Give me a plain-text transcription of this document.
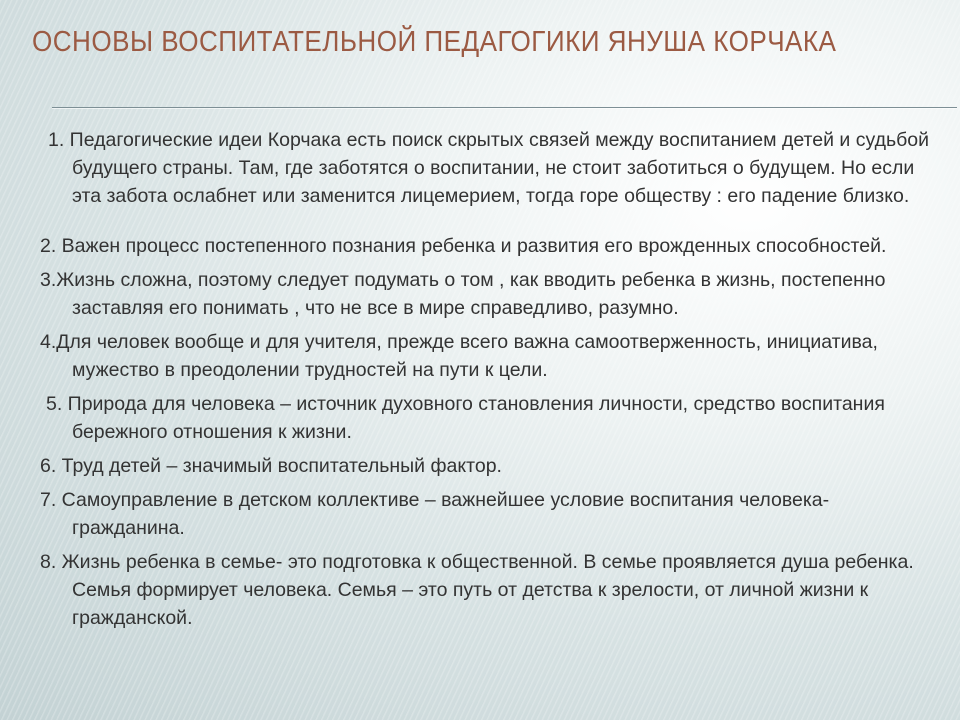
ОСНОВЫ ВОСПИТАТЕЛЬНОЙ ПЕДАГОГИКИ ЯНУША КОРЧАКА

1. Педагогические идеи Корчака есть поиск скрытых связей между воспитанием детей и судьбой будущего страны. Там, где заботятся о воспитании, не стоит заботиться о будущем. Но если эта забота ослабнет или заменится лицемерием, тогда горе обществу : его падение близко.

2. Важен процесс постепенного познания ребенка и развития его врожденных способностей.

3.Жизнь сложна, поэтому следует подумать о том , как вводить ребенка в жизнь, постепенно заставляя его понимать , что не все в мире справедливо, разумно.

4.Для человек вообще и для учителя, прежде всего важна самоотверженность, инициатива, мужество в преодолении трудностей на пути к цели.

5. Природа для человека – источник духовного становления личности, средство воспитания бережного отношения к жизни.

6. Труд детей – значимый воспитательный фактор.

7. Самоуправление в детском коллективе – важнейшее условие воспитания человека-гражданина.

8. Жизнь ребенка в семье- это подготовка к общественной. В семье проявляется душа ребенка. Семья формирует человека. Семья – это путь от детства к зрелости, от личной жизни к гражданской.
